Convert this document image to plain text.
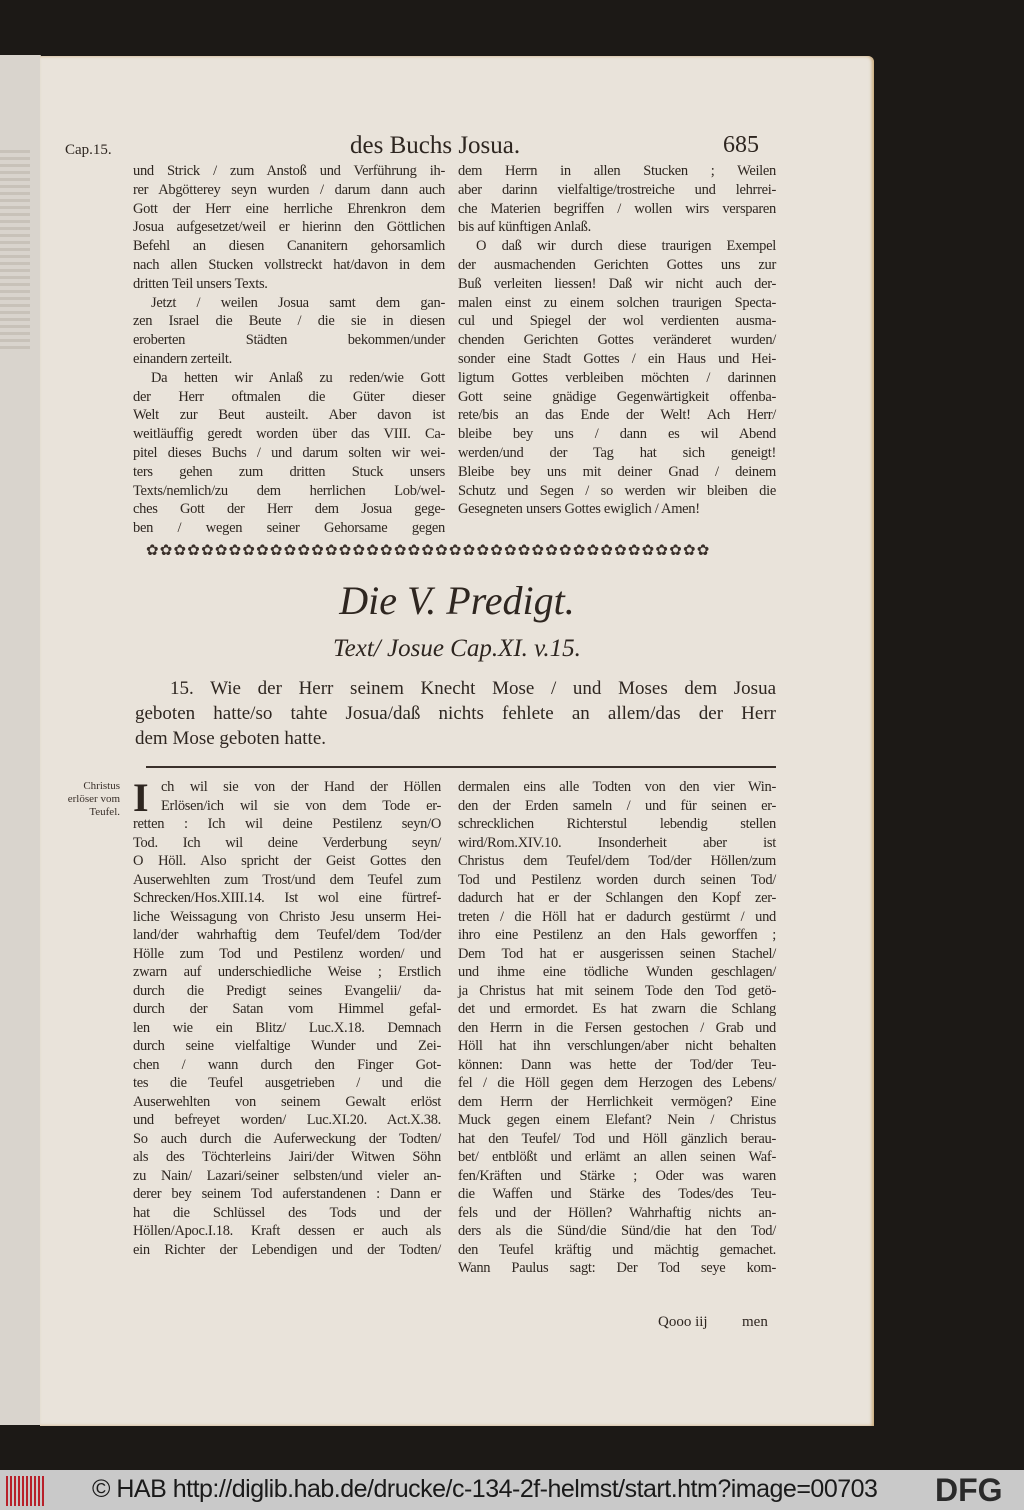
Cap.15.	des Buchs Josua.	685
und Strick / zum Anstoß und Verführung ih-
rer Abgötterey seyn wurden / darum dann auch
Gott der Herr eine herrliche Ehrenkron dem
Josua aufgesetzet/weil er hierinn den Göttlichen
Befehl an diesen Cananitern gehorsamlich
nach allen Stucken vollstreckt hat/davon in dem
dritten Teil unsers Texts.
Jetzt / weilen Josua samt dem gan-
zen Israel die Beute / die sie in diesen
eroberten Städten bekommen/under
einandern zerteilt.
Da hetten wir Anlaß zu reden/wie Gott
der Herr oftmalen die Güter dieser
Welt zur Beut austeilt. Aber davon ist
weitläuffig geredt worden über das VIII. Ca-
pitel dieses Buchs / und darum solten wir wei-
ters gehen zum dritten Stuck unsers
Texts/nemlich/zu dem herrlichen Lob/wel-
ches Gott der Herr dem Josua gege-
ben / wegen seiner Gehorsame gegen
dem Herrn in allen Stucken ; Weilen
aber darinn vielfaltige/trostreiche und lehrrei-
che Materien begriffen / wollen wirs versparen
bis auf künftigen Anlaß.
O daß wir durch diese traurigen Exempel
der ausmachenden Gerichten Gottes uns zur
Buß verleiten liessen! Daß wir nicht auch der-
malen einst zu einem solchen traurigen Specta-
cul und Spiegel der wol verdienten ausma-
chenden Gerichten Gottes veränderet wurden/
sonder eine Stadt Gottes / ein Haus und Hei-
ligtum Gottes verbleiben möchten / darinnen
Gott seine gnädige Gegenwärtigkeit offenba-
rete/bis an das Ende der Welt! Ach Herr/
bleibe bey uns / dann es wil Abend
werden/und der Tag hat sich geneigt!
Bleibe bey uns mit deiner Gnad / deinem
Schutz und Segen / so werden wir bleiben die
Gesegneten unsers Gottes ewiglich / Amen!
✿✿✿✿✿✿✿✿✿✿✿✿✿✿✿✿✿✿✿✿✿✿✿✿✿✿✿✿✿✿✿✿✿✿✿✿✿✿✿✿✿
Die V. Predigt.
Text/ Josue Cap.XI. v.15.
15. Wie der Herr seinem Knecht Mose / und Moses dem Josua
geboten hatte/so tahte Josua/daß nichts fehlete an allem/das der Herr
dem Mose geboten hatte.
Christus erlöser vom Teufel. I ch wil sie von der Hand der Höllen
Erlösen/ich wil sie von dem Tode er-
retten : Ich wil deine Pestilenz seyn/O
Tod. Ich wil deine Verderbung seyn/
O Höll. Also spricht der Geist Gottes den
Auserwehlten zum Trost/und dem Teufel zum
Schrecken/Hos.XIII.14. Ist wol eine fürtref-
liche Weissagung von Christo Jesu unserm Hei-
land/der wahrhaftig dem Teufel/dem Tod/der
Hölle zum Tod und Pestilenz worden/ und
zwarn auf underschiedliche Weise ; Erstlich
durch die Predigt seines Evangelii/ da-
durch der Satan vom Himmel gefal-
len wie ein Blitz/ Luc.X.18. Demnach
durch seine vielfaltige Wunder und Zei-
chen / wann durch den Finger Got-
tes die Teufel ausgetrieben / und die
Auserwehlten von seinem Gewalt erlöst
und befreyet worden/ Luc.XI.20. Act.X.38.
So auch durch die Auferweckung der Todten/
als des Töchterleins Jairi/der Witwen Söhn
zu Nain/ Lazari/seiner selbsten/und vieler an-
derer bey seinem Tod auferstandenen : Dann er
hat die Schlüssel des Tods und der
Höllen/Apoc.I.18. Kraft dessen er auch als
ein Richter der Lebendigen und der Todten/
dermalen eins alle Todten von den vier Win-
den der Erden sameln / und für seinen er-
schrecklichen Richterstul lebendig stellen
wird/Rom.XIV.10. Insonderheit aber ist
Christus dem Teufel/dem Tod/der Höllen/zum
Tod und Pestilenz worden durch seinen Tod/
dadurch hat er der Schlangen den Kopf zer-
treten / die Höll hat er dadurch gestürmt / und
ihro eine Pestilenz an den Hals geworffen ;
Dem Tod hat er ausgerissen seinen Stachel/
und ihme eine tödliche Wunden geschlagen/
ja Christus hat mit seinem Tode den Tod getö-
det und ermordet. Es hat zwarn die Schlang
den Herrn in die Fersen gestochen / Grab und
Höll hat ihn verschlungen/aber nicht behalten
können: Dann was hette der Tod/der Teu-
fel / die Höll gegen dem Herzogen des Lebens/
dem Herrn der Herrlichkeit vermögen? Eine
Muck gegen einem Elefant? Nein / Christus
hat den Teufel/ Tod und Höll gänzlich berau-
bet/ entblößt und erlämt an allen seinen Waf-
fen/Kräften und Stärke ; Oder was waren
die Waffen und Stärke des Todes/des Teu-
fels und der Höllen? Wahrhaftig nichts an-
ders als die Sünd/die Sünd/die hat den Tod/
den Teufel kräftig und mächtig gemachet.
Wann Paulus sagt: Der Tod seye kom-
Qooo iij men
© HAB http://diglib.hab.de/drucke/c-134-2f-helmst/start.htm?image=00703 DFG
